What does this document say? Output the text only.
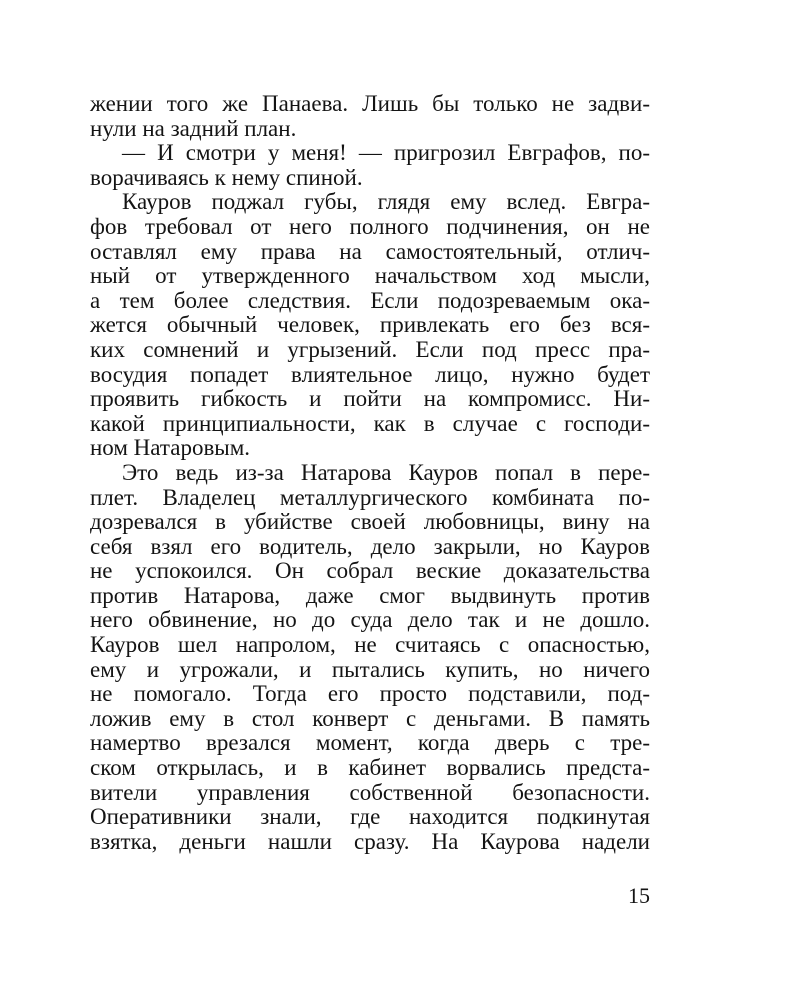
жении того же Панаева. Лишь бы только не задви-
нули на задний план.
— И смотри у меня! — пригрозил Евграфов, по-
ворачиваясь к нему спиной.
Кауров поджал губы, глядя ему вслед. Евгра-
фов требовал от него полного подчинения, он не
оставлял ему права на самостоятельный, отлич-
ный от утвержденного начальством ход мысли,
а тем более следствия. Если подозреваемым ока-
жется обычный человек, привлекать его без вся-
ких сомнений и угрызений. Если под пресс пра-
восудия попадет влиятельное лицо, нужно будет
проявить гибкость и пойти на компромисс. Ни-
какой принципиальности, как в случае с господи-
ном Натаровым.
Это ведь из-за Натарова Кауров попал в пере-
плет. Владелец металлургического комбината по-
дозревался в убийстве своей любовницы, вину на
себя взял его водитель, дело закрыли, но Кауров
не успокоился. Он собрал веские доказательства
против Натарова, даже смог выдвинуть против
него обвинение, но до суда дело так и не дошло.
Кауров шел напролом, не считаясь с опасностью,
ему и угрожали, и пытались купить, но ничего
не помогало. Тогда его просто подставили, под-
ложив ему в стол конверт с деньгами. В память
намертво врезался момент, когда дверь с тре-
ском открылась, и в кабинет ворвались предста-
вители управления собственной безопасности.
Оперативники знали, где находится подкинутая
взятка, деньги нашли сразу. На Каурова надели
15
